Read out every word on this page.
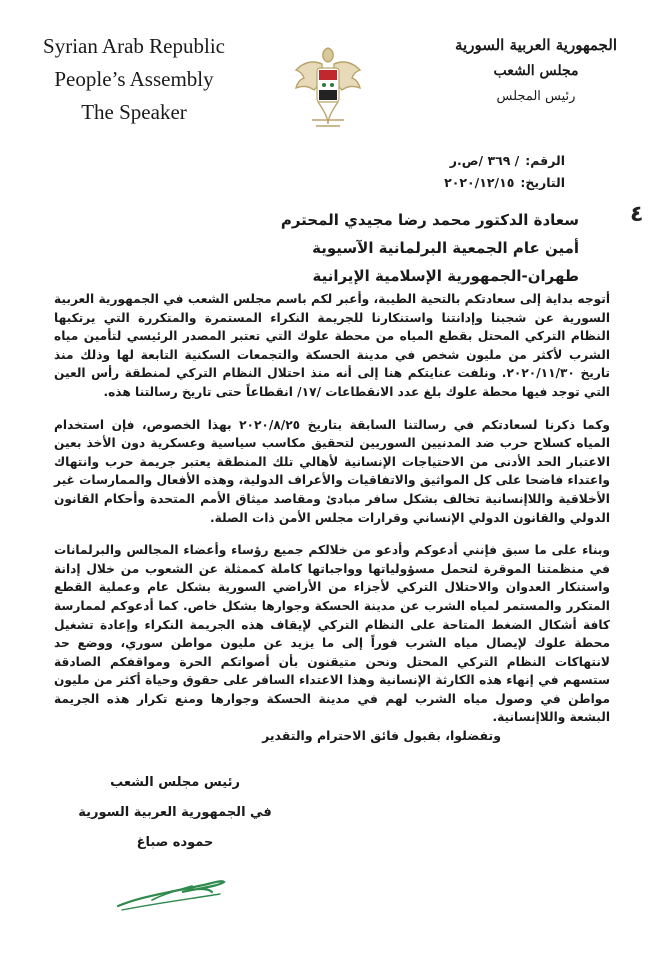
Syrian Arab Republic
People’s Assembly
The Speaker
الجمهورية العربية السورية
مجلس الشعب
رئيس المجلس
الرقم:/ ٣٦٩ /ص.ر
التاريخ:٢٠٢٠/١٢/١٥
٤
سعادة الدكتور محمد رضا مجيدي المحترم
أمين عام الجمعية البرلمانية الآسيوية
طهران-الجمهورية الإسلامية الإيرانية

أتوجه بداية إلى سعادتكم بالتحية الطيبة، وأعبر لكم باسم مجلس الشعب في الجمهورية العربية السورية عن شجبنا وإدانتنا واستنكارنا للجريمة النكراء المستمرة والمتكررة التي يرتكبها النظام التركي المحتل بقطع المياه من محطة علوك التي تعتبر المصدر الرئيسي لتأمين مياه الشرب لأكثر من مليون شخص في مدينة الحسكة والتجمعات السكنية التابعة لها وذلك منذ تاريخ ٢٠٢٠/١١/٣٠. ونلفت عنايتكم هنا إلى أنه منذ احتلال النظام التركي لمنطقة رأس العين التي توجد فيها محطة علوك بلغ عدد الانقطاعات /١٧/ انقطاعاً حتى تاريخ رسالتنا هذه.

وكما ذكرنا لسعادتكم في رسالتنا السابقة بتاريخ ٢٠٢٠/٨/٢٥ بهذا الخصوص، فإن استخدام المياه كسلاح حرب ضد المدنيين السوريين لتحقيق مكاسب سياسية وعسكرية دون الأخذ بعين الاعتبار الحد الأدنى من الاحتياجات الإنسانية لأهالي تلك المنطقة يعتبر جريمة حرب وانتهاك واعتداء فاضحا على كل المواثيق والاتفاقيات والأعراف الدولية، وهذه الأفعال والممارسات غير الأخلاقية واللاإنسانية تخالف بشكل سافر مبادئ ومقاصد ميثاق الأمم المتحدة وأحكام القانون الدولي والقانون الدولي الإنساني وقرارات مجلس الأمن ذات الصلة.

وبناء على ما سبق فإنني أدعوكم وأدعو من خلالكم جميع رؤساء وأعضاء المجالس والبرلمانات في منظمتنا الموقرة لتحمل مسؤولياتها وواجباتها كاملة كممثلة عن الشعوب من خلال إدانة واستنكار العدوان والاحتلال التركي لأجزاء من الأراضي السورية بشكل عام وعملية القطع المتكرر والمستمر لمياه الشرب عن مدينة الحسكة وجوارها بشكل خاص. كما أدعوكم لممارسة كافة أشكال الضغط المتاحة على النظام التركي لإيقاف هذه الجريمة النكراء وإعادة تشغيل محطة علوك لإيصال مياه الشرب فوراً إلى ما يزيد عن مليون مواطن سوري، ووضع حد لانتهاكات النظام التركي المحتل ونحن متيقنون بأن أصواتكم الحرة ومواقفكم الصادقة ستسهم في إنهاء هذه الكارثة الإنسانية وهذا الاعتداء السافر على حقوق وحياة أكثر من مليون مواطن في وصول مياه الشرب لهم في مدينة الحسكة وجوارها ومنع تكرار هذه الجريمة البشعة واللاإنسانية.

وتفضلوا، بقبول فائق الاحترام والتقدير
رئيس مجلس الشعب
في الجمهورية العربية السورية
حموده صباغ
